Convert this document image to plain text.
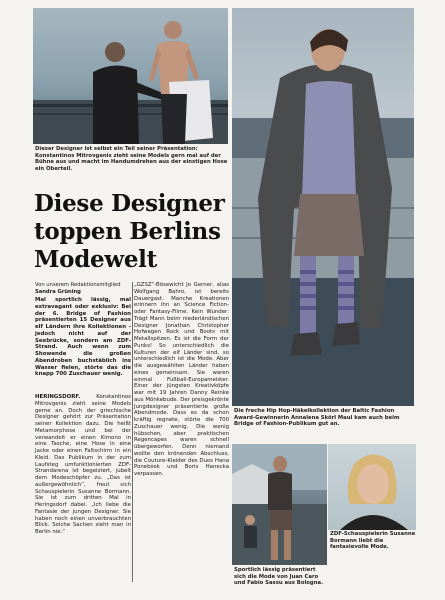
Dieser Designer ist selbst ein Teil seiner Präsentation: Konstantinos Mitrovgenis zieht seine Models gern mal auf der Bühne aus und macht im Handumdrehen aus der einstigen Hose ein Oberteil.
Die freche Hip Hop-Häkelkollektion der Baltic Fashion Award-Gewinnerin Annalena Skörl Maul kam auch beim Bridge of Fashion-Publikum gut an.
Sportlich lässig präsentiert sich die Mode von Juan Caro und Fabio Sassu aus Bologna.
ZDF-Schauspielerin Susanne Bormann liebt die fantasievolle Mode.
Diese Designer toppen Berlins Modewelt
Von unserem Redaktionsmitglied
Sandra Grüning
Mal sportlich lässig, mal extravagant oder exklusiv: Bei der 6. Bridge of Fashion präsentierten 15 Designer aus elf Ländern ihre Kollektionen - jedoch nicht auf der Seebrücke, sondern am ZDF-Strand. Auch wenn zum Showende die großen Abendroben buchstäblich ins Wasser fielen, störte das die knapp 700 Zuschauer wenig.
HERINGSDORF. Konstantinos Mitrovgenis zieht seine Models gerne an. Doch der griechische Designer gehört zur Präsentation seiner Kollektion dazu. Die heißt Metamorphose und bei der verwandelt er einen Kimono in eine Tasche, eine Hose in eine Jacke oder einen Faltschirm in ein Kleid. Das Publikum in der zum Laufsteg umfunktionierten ZDF-Strandarena ist begeistert, jubelt dem Modeschöpfer zu. „Das ist außergewöhnlich“, freut sich Schauspielerin Susanne Bormann. Sie ist zum dritten Mal in Heringsdorf dabei. „Ich liebe die Fantasie der jungen Designer. Sie haben noch einen unverbrauchten Blick. Solche Sachen sieht man in Berlin nie.“
„GZSZ“-Bösewicht Jo Gerner, alias Wolfgang Bahro, ist bereits Dauergast. Manche Kreationen erinnern ihn an Science Fiction- oder Fantasy-Filme. Kein Wunder: Trägt Mann beim niederländischen Designer Jonathan Christopher Hofwegen Rock und Boots mit Metallspitzen. Es ist die Form der Punks! So unterschiedlich die Kulturen der elf Länder sind, so unterschiedlich ist die Mode. Aber die ausgewählten Länder haben eines gemeinsam. Sie waren einmal Fußball-Europameister. Einer der jüngsten Kreativköpfe war mit 19 Jahren Danny Reinke aus Mönkebude. Der preisgekrönte Jungdesigner präsentierte große Abendmode. Dass es da schon kräftig regnete, störte die 700 Zuschauer wenig. Die wenig hübschen, aber praktischen Regencapes waren schnell übergeworfen. Denn niemand wollte den krönenden Abschluss, die Couture-Kleider des Duos Hana Ponebšek und Boris Hanecka verpassen.
